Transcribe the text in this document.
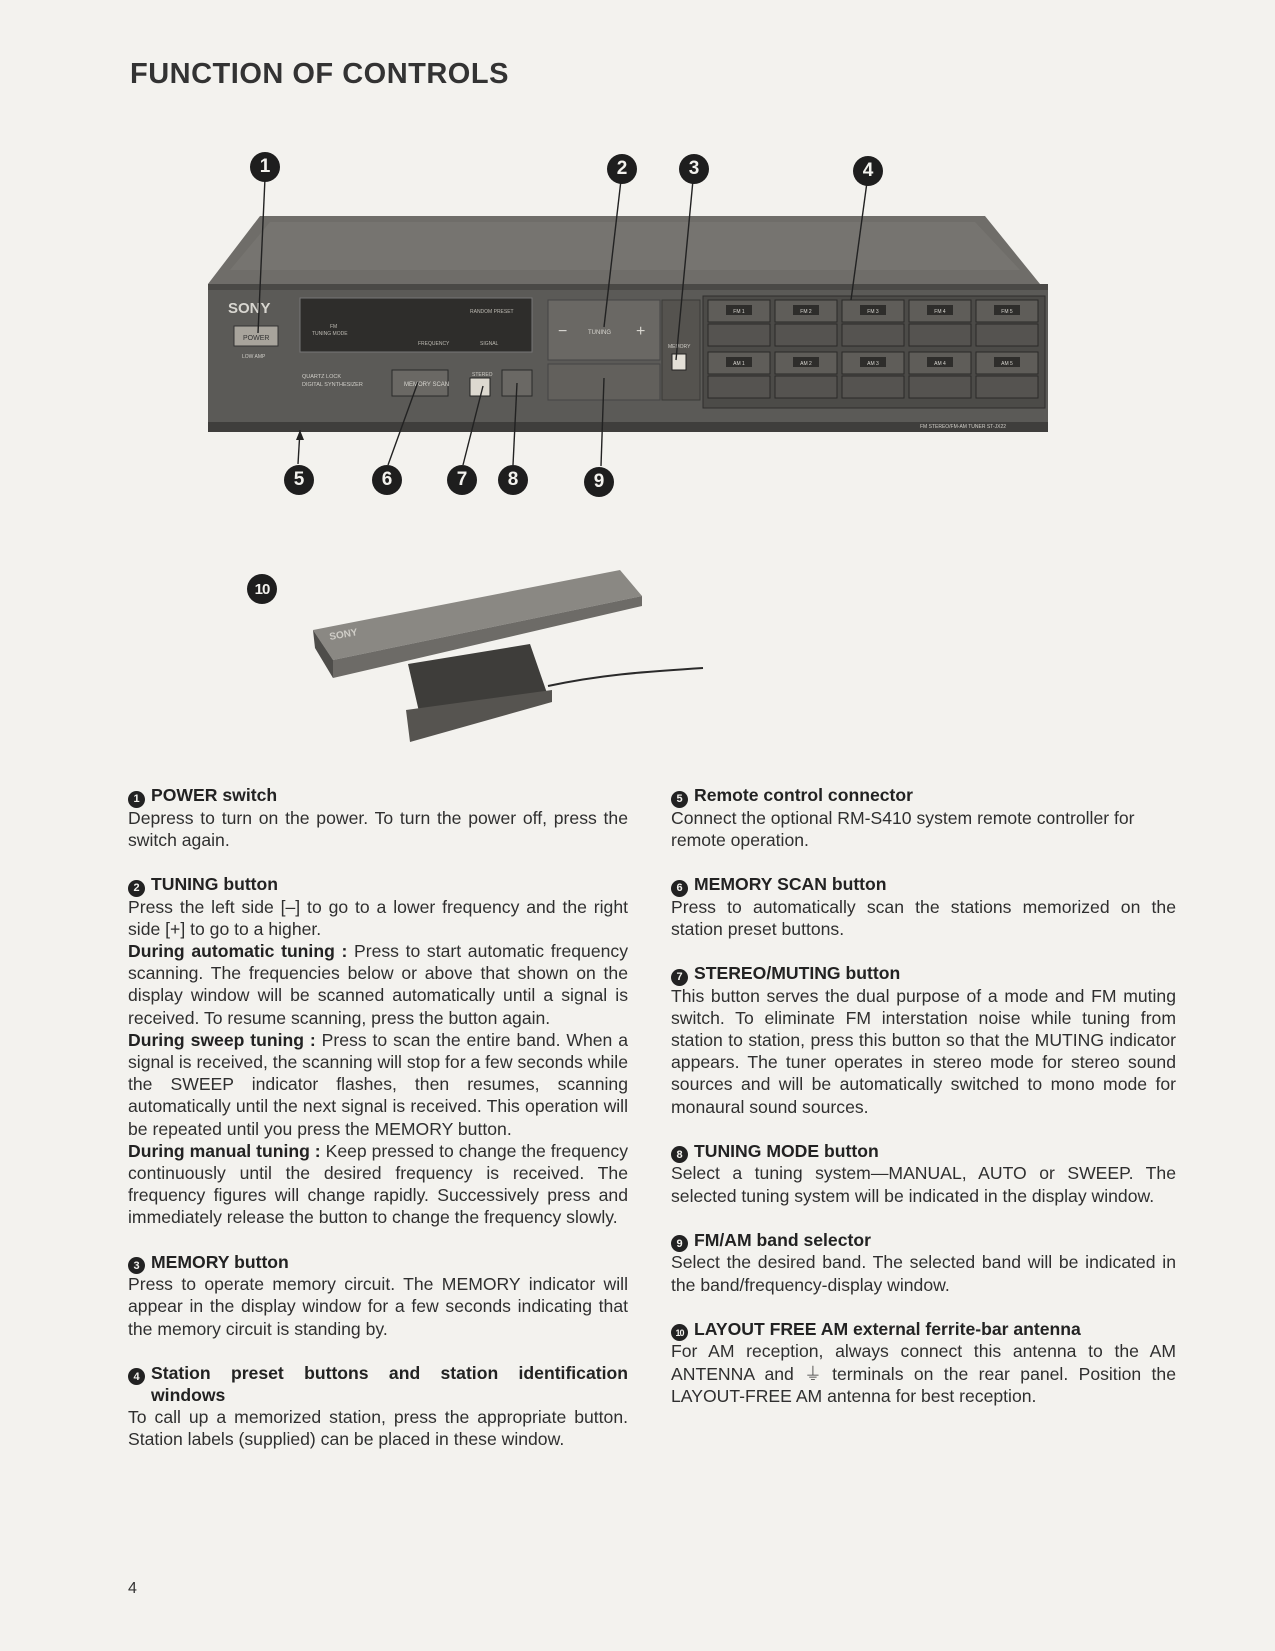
FUNCTION OF CONTROLS
SONY
POWER
LOW AMP
FM
TUNING MODE
RANDOM PRESET
FREQUENCY	SIGNAL
QUARTZ LOCK
DIGITAL SYNTHESIZER	MEMORY SCAN
STEREO
−	+
TUNING
MEMORY
FM 1	FM 2	FM 3	FM 4	FM 5
AM 1	AM 2	AM 3	AM 4	AM 5
FM STEREO/FM-AM TUNER ST-JX22
SONY
1	2	3	4
5	6	7	8	9
10
1 POWER switch
Depress to turn on the power. To turn the power off, press the switch again.
2 TUNING button
Press the left side [–] to go to a lower frequency and the right side [+] to go to a higher.
During automatic tuning : Press to start automatic frequency scanning. The frequencies below or above that shown on the display window will be scanned automatically until a signal is received. To resume scanning, press the button again.
During sweep tuning : Press to scan the entire band. When a signal is received, the scanning will stop for a few seconds while the SWEEP indicator flashes, then resumes, scanning automatically until the next signal is received. This operation will be repeated until you press the MEMORY button.
During manual tuning : Keep pressed to change the frequency continuously until the desired frequency is received. The frequency figures will change rapidly. Successively press and immediately release the button to change the frequency slowly.
3 MEMORY button
Press to operate memory circuit. The MEMORY indicator will appear in the display window for a few seconds indicating that the memory circuit is standing by.
4 Station preset buttons and station identification windows
To call up a memorized station, press the appropriate button. Station labels (supplied) can be placed in these window.
5 Remote control connector
Connect the optional RM-S410 system remote controller for remote operation.
6 MEMORY SCAN button
Press to automatically scan the stations memorized on the station preset buttons.
7 STEREO/MUTING button
This button serves the dual purpose of a mode and FM muting switch. To eliminate FM interstation noise while tuning from station to station, press this button so that the MUTING indicator appears. The tuner operates in stereo mode for stereo sound sources and will be automatically switched to mono mode for monaural sound sources.
8 TUNING MODE button
Select a tuning system—MANUAL, AUTO or SWEEP. The selected tuning system will be indicated in the display window.
9 FM/AM band selector
Select the desired band. The selected band will be indicated in the band/frequency-display window.
10 LAYOUT FREE AM external ferrite-bar antenna
For AM reception, always connect this antenna to the AM ANTENNA and ⏚ terminals on the rear panel. Position the LAYOUT-FREE AM antenna for best reception.
4
